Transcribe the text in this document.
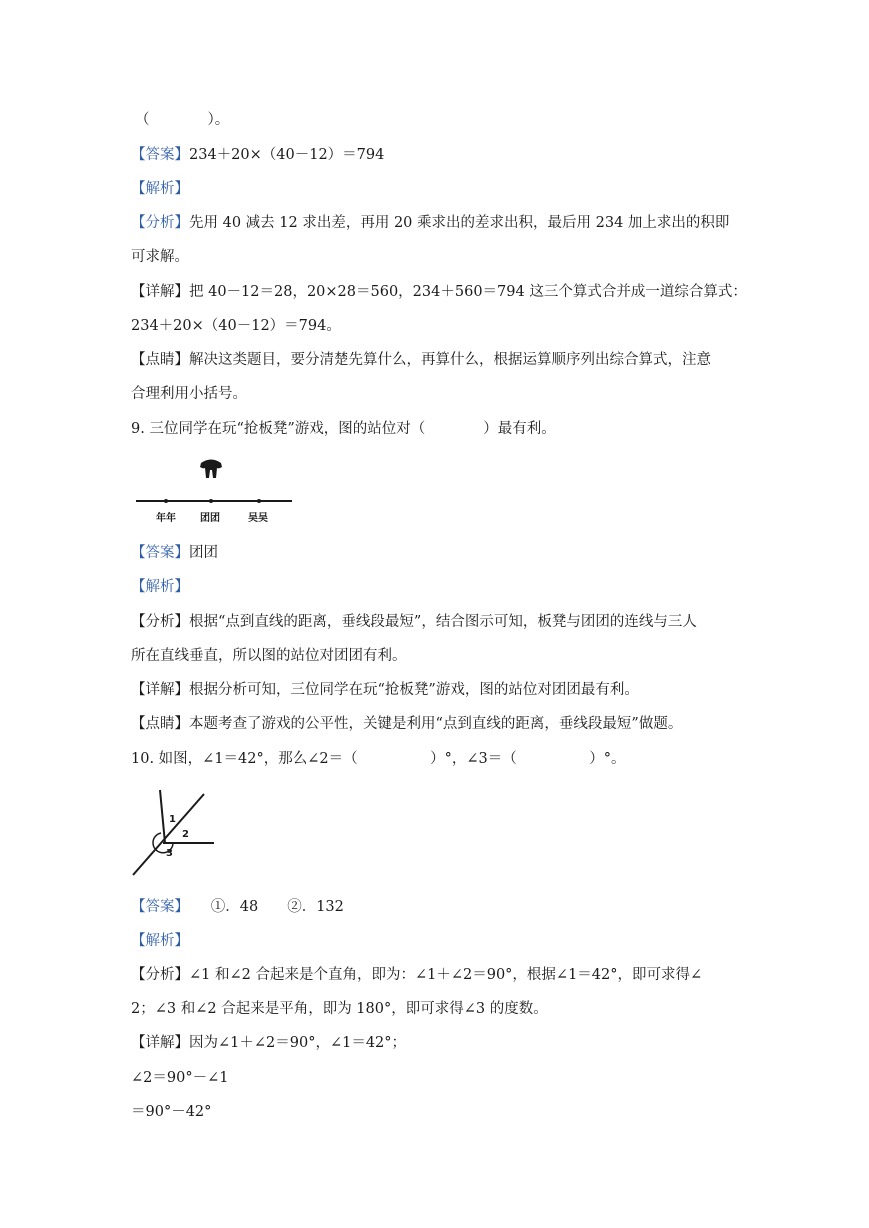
（　　　　）。
【答案】234＋20×（40－12）＝794
【解析】
【分析】先用 40 减去 12 求出差，再用 20 乘求出的差求出积，最后用 234 加上求出的积即
可求解。
【详解】把 40－12＝28，20×28＝560，234＋560＝794 这三个算式合并成一道综合算式：
234＋20×（40－12）＝794。
【点睛】解决这类题目，要分清楚先算什么，再算什么，根据运算顺序列出综合算式，注意
合理利用小括号。
9. 三位同学在玩“抢板凳”游戏，图的站位对（　　　　）最有利。
年年 团团	吴吴
【答案】团团
【解析】
【分析】根据“点到直线的距离，垂线段最短”，结合图示可知，板凳与团团的连线与三人
所在直线垂直，所以图的站位对团团有利。
【详解】根据分析可知，三位同学在玩“抢板凳”游戏，图的站位对团团最有利。
【点睛】本题考查了游戏的公平性，关键是利用“点到直线的距离，垂线段最短”做题。
10. 如图，∠1＝42°，那么∠2＝（　　　　　）°，∠3＝（　　　　　）°。
1
2
3
【答案】　　①．48　　②．132
【解析】
【分析】∠1 和∠2 合起来是个直角，即为：∠1＋∠2＝90°，根据∠1＝42°，即可求得∠
2；∠3 和∠2 合起来是平角，即为 180°，即可求得∠3 的度数。
【详解】因为∠1＋∠2＝90°，∠1＝42°；
∠2＝90°－∠1
＝90°－42°
